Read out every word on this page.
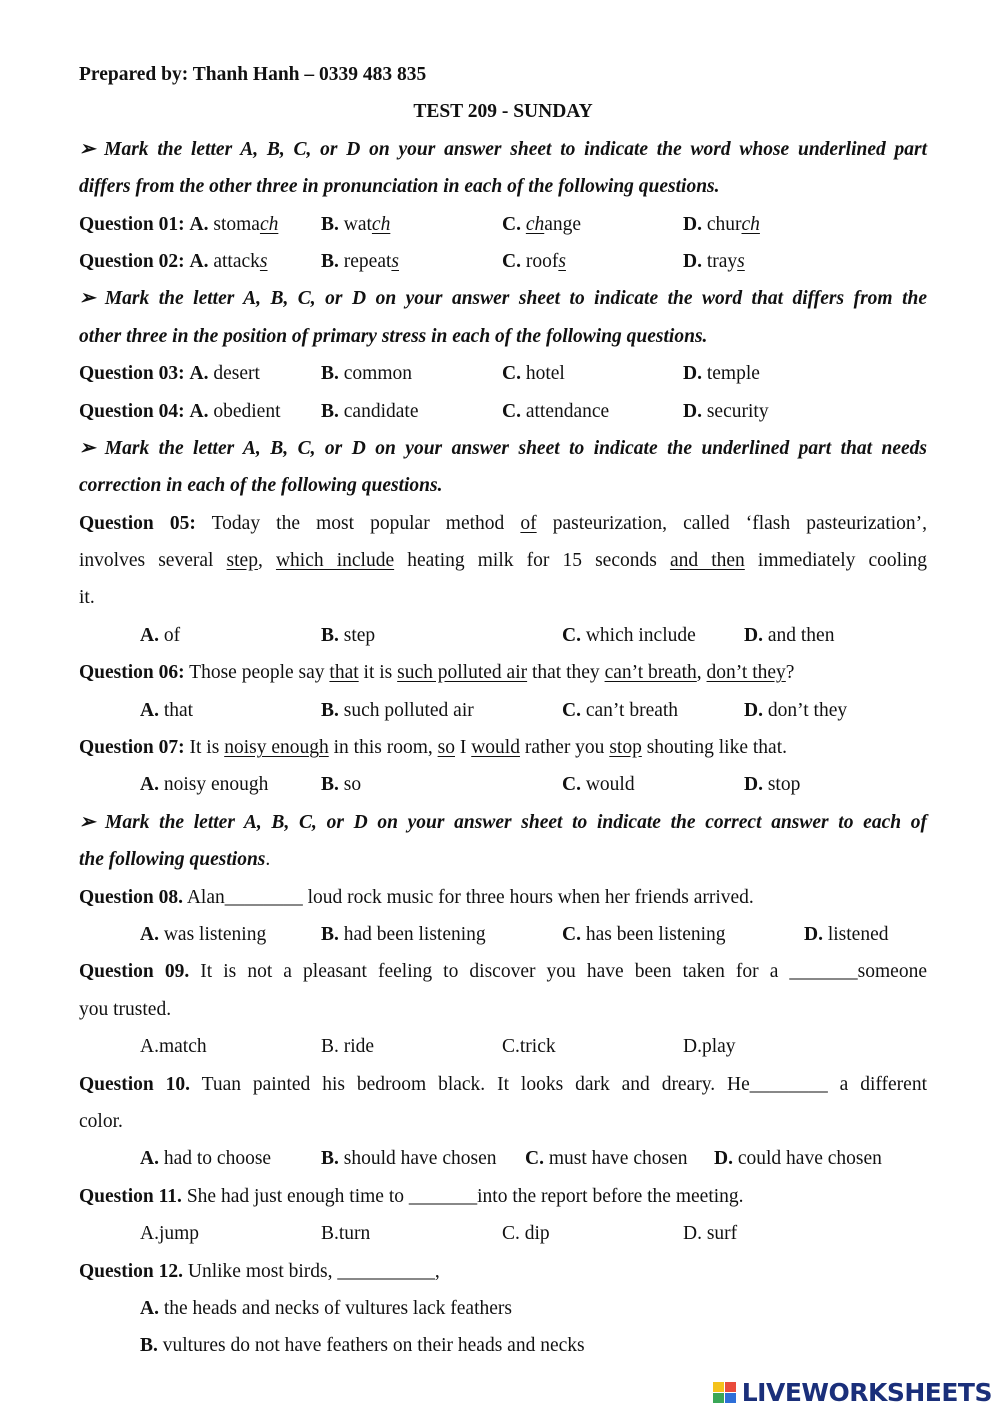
Prepared by: Thanh Hanh – 0339 483 835
TEST 209 - SUNDAY
➢ Mark the letter A, B, C, or D on your answer sheet to indicate the word whose underlined part
differs from the other three in pronunciation in each of the following questions.
Question 01: A. stomach B. watch	C. change	D. church
Question 02: A. attacks	B. repeats	C. roofs	D. trays
➢ Mark the letter A, B, C, or D on your answer sheet to indicate the word that differs from the
other three in the position of primary stress in each of the following questions.
Question 03: A. desert	B. common	C. hotel	D. temple
Question 04: A. obedient B. candidate	C. attendance	D. security
➢ Mark the letter A, B, C, or D on your answer sheet to indicate the underlined part that needs
correction in each of the following questions.
Question 05: Today the most popular method of pasteurization, called ‘flash pasteurization’,
involves several step, which include heating milk for 15 seconds and then immediately cooling
it.
A. of	B. step	C. which include D. and then
Question 06: Those people say that it is such polluted air that they can’t breath, don’t they?
A. that	B. such polluted air	C. can’t breath	D. don’t they
Question 07: It is noisy enough in this room, so I would rather you stop shouting like that.
A. noisy enough	B. so	C. would	D. stop
➢ Mark the letter A, B, C, or D on your answer sheet to indicate the correct answer to each of
the following questions.
Question 08. Alan________ loud rock music for three hours when her friends arrived.
A. was listening	B. had been listening	C. has been listening	D. listened
Question 09. It is not a pleasant feeling to discover you have been taken for a _______someone
you trusted.
A.match	B. ride	C.trick	D.play
Question 10. Tuan painted his bedroom black. It looks dark and dreary. He________ a different
color.
A. had to choose	B. should have chosen C. must have chosen D. could have chosen
Question 11. She had just enough time to _______into the report before the meeting.
A.jump	B.turn	C. dip	D. surf
Question 12. Unlike most birds, __________,
A. the heads and necks of vultures lack feathers
B. vultures do not have feathers on their heads and necks
LIVEWORKSHEETS
